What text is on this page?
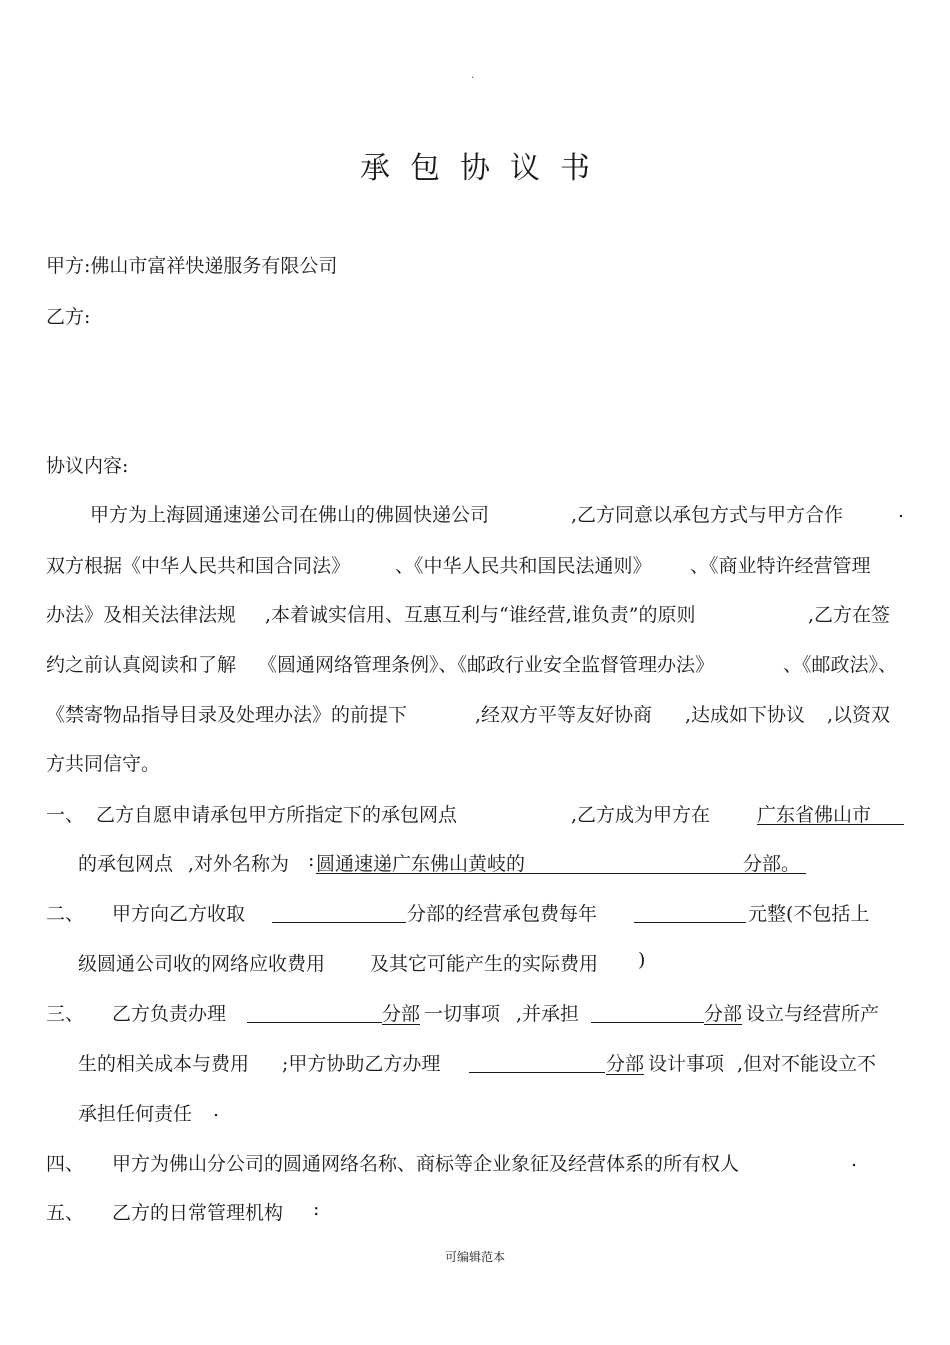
.
承包协议书
甲方:佛山市富祥快递服务有限公司
乙方:
协议内容:
甲方为上海圆通速递公司在佛山的佛圆快递公司	,乙方同意以承包方式与甲方合作	.
双方根据《中华人民共和国合同法》 、《中华人民共和国民法通则》 、《商业特许经营管理
办法》及相关法律法规 ,本着诚实信用、互惠互利与“谁经营,谁负责”的原则	,乙方在签
约之前认真阅读和了解 《圆通网络管理条例》、《邮政行业安全监督管理办法》	、《邮政法》、
《禁寄物品指导目录及处理办法》的前提下	,经双方平等友好协商 ,达成如下协议 ,以资双
方共同信守。
一、 乙方自愿申请承包甲方所指定下的承包网点	,乙方成为甲方在 广东省佛山市
的承包网点 ,对外名称为 : 圆通速递广东佛山黄岐的	分部。
二、 甲方向乙方收取	分部的经营承包费每年	元整(不包括上
级圆通公司收的网络应收费用 及其它可能产生的实际费用 )
三、 乙方负责办理	分部 一切事项 ,并承担	分部 设立与经营所产
生的相关成本与费用 ;甲方协助乙方办理	分部 设计事项 ,但对不能设立不
承担任何责任 .
四、 甲方为佛山分公司的圆通网络名称、商标等企业象征及经营体系的所有权人	.
五、 乙方的日常管理机构 :
可编辑范本
